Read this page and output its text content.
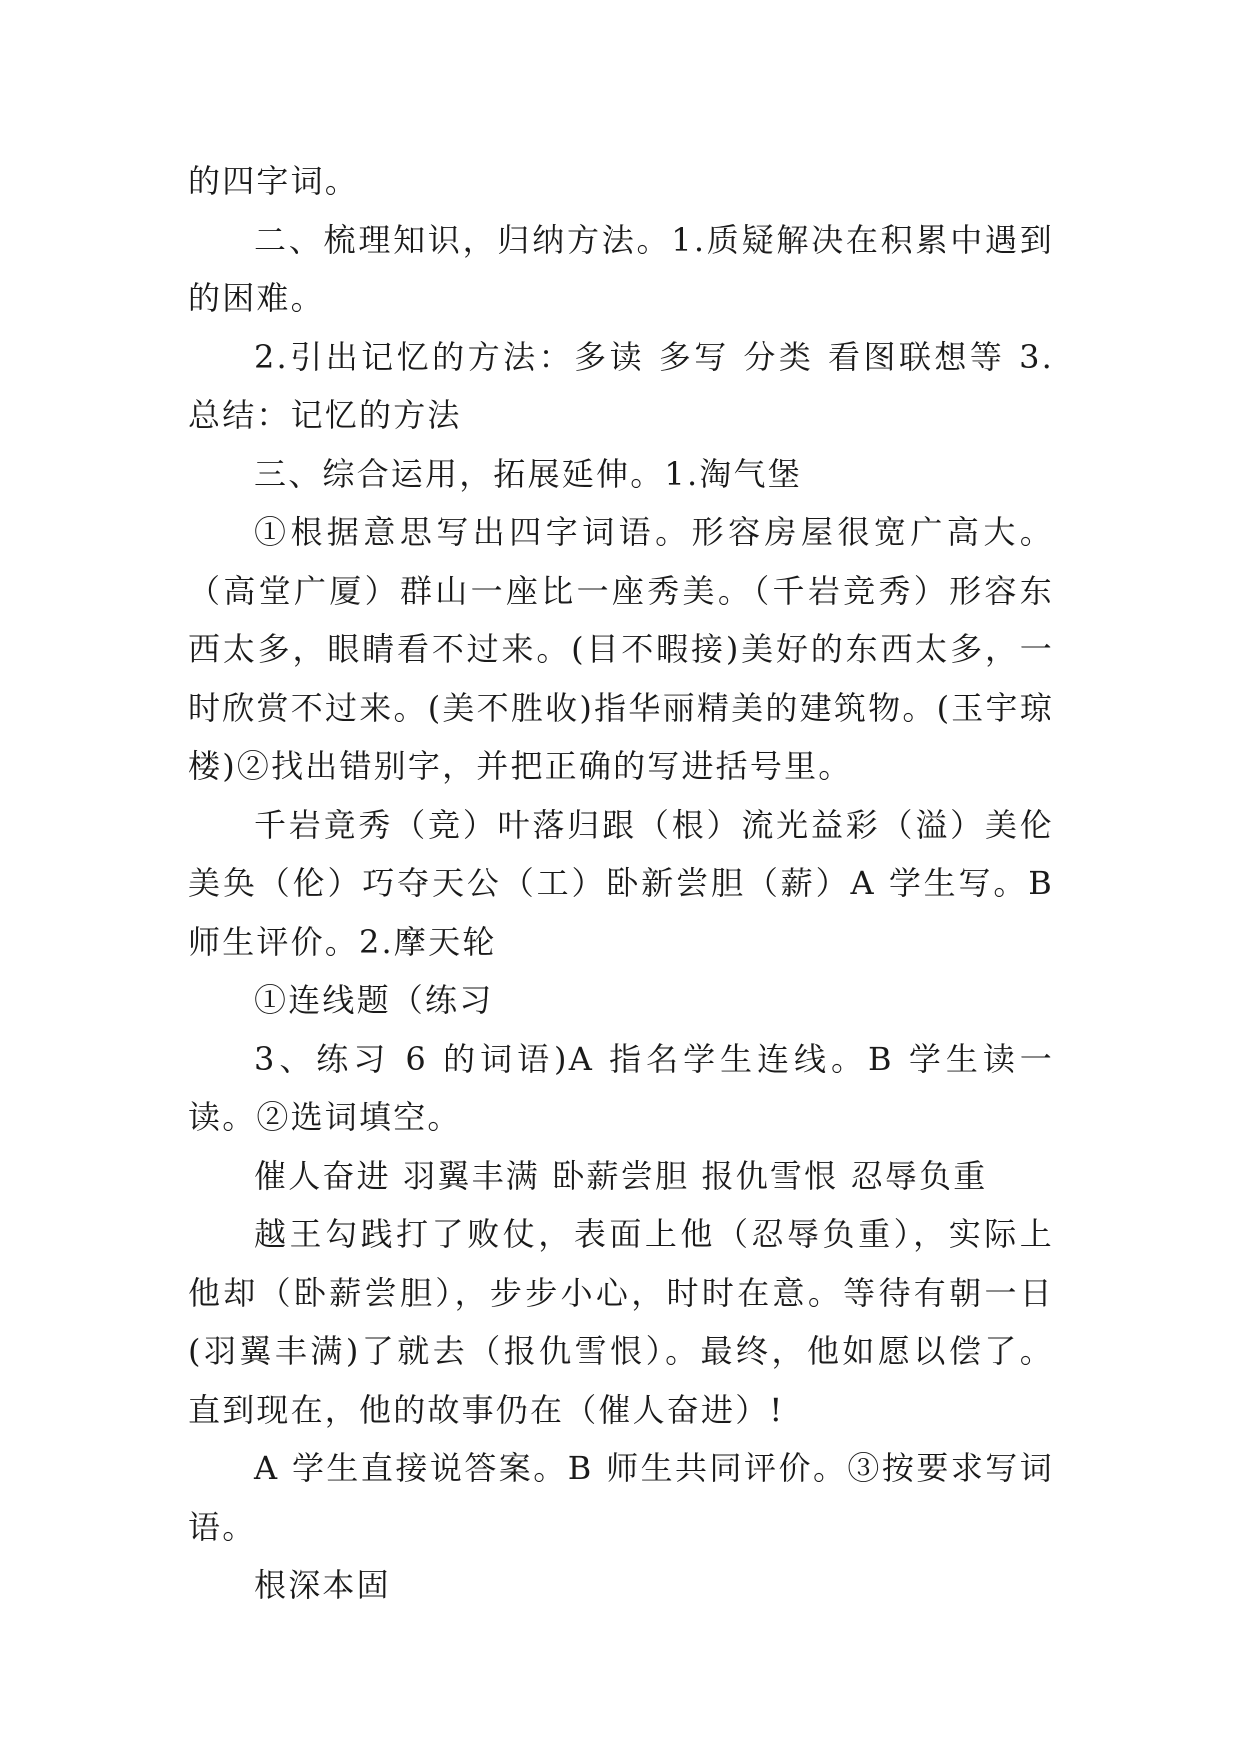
的四字词。

二、梳理知识，归纳方法。1.质疑解决在积累中遇到的困难。

2.引出记忆的方法：多读 多写 分类 看图联想等 3.总结：记忆的方法

三、综合运用，拓展延伸。1.淘气堡

①根据意思写出四字词语。形容房屋很宽广高大。（高堂广厦）群山一座比一座秀美。（千岩竞秀）形容东西太多，眼睛看不过来。(目不暇接)美好的东西太多，一时欣赏不过来。(美不胜收)指华丽精美的建筑物。(玉宇琼楼)②找出错别字，并把正确的写进括号里。

千岩竟秀（竞）叶落归跟（根）流光益彩（溢）美伦美奂（伦）巧夺天公（工）卧新尝胆（薪）A 学生写。B 师生评价。2.摩天轮

①连线题（练习

3、练习 6 的词语)A 指名学生连线。B 学生读一读。②选词填空。

催人奋进 羽翼丰满 卧薪尝胆 报仇雪恨 忍辱负重

越王勾践打了败仗，表面上他（忍辱负重），实际上他却（卧薪尝胆），步步小心，时时在意。等待有朝一日(羽翼丰满)了就去（报仇雪恨）。最终，他如愿以偿了。直到现在，他的故事仍在（催人奋进）!

A 学生直接说答案。B 师生共同评价。③按要求写词语。

根深本固
